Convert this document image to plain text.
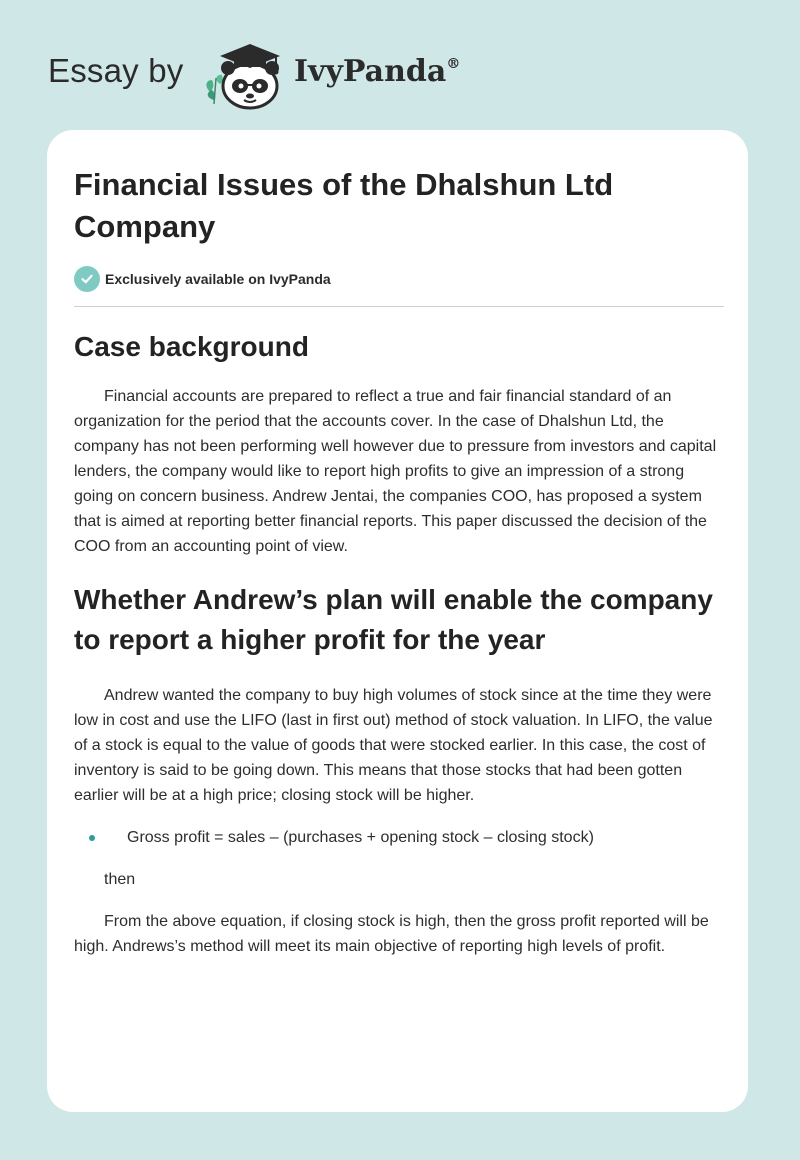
Essay by	IvyPanda®
Financial Issues of the Dhalshun Ltd Company
Exclusively available on IvyPanda
Case background

Financial accounts are prepared to reflect a true and fair financial standard of an organization for the period that the accounts cover. In the case of Dhalshun Ltd, the company has not been performing well however due to pressure from investors and capital lenders, the company would like to report high profits to give an impression of a strong going on concern business. Andrew Jentai, the companies COO, has proposed a system that is aimed at reporting better financial reports. This paper discussed the decision of the COO from an accounting point of view.

Whether Andrew’s plan will enable the company to report a higher profit for the year

Andrew wanted the company to buy high volumes of stock since at the time they were low in cost and use the LIFO (last in first out) method of stock valuation. In LIFO, the value of a stock is equal to the value of goods that were stocked earlier. In this case, the cost of inventory is said to be going down. This means that those stocks that had been gotten earlier will be at a high price; closing stock will be higher.

Gross profit = sales – (purchases + opening stock – closing stock)

then

From the above equation, if closing stock is high, then the gross profit reported will be high. Andrews’s method will meet its main objective of reporting high levels of profit.
